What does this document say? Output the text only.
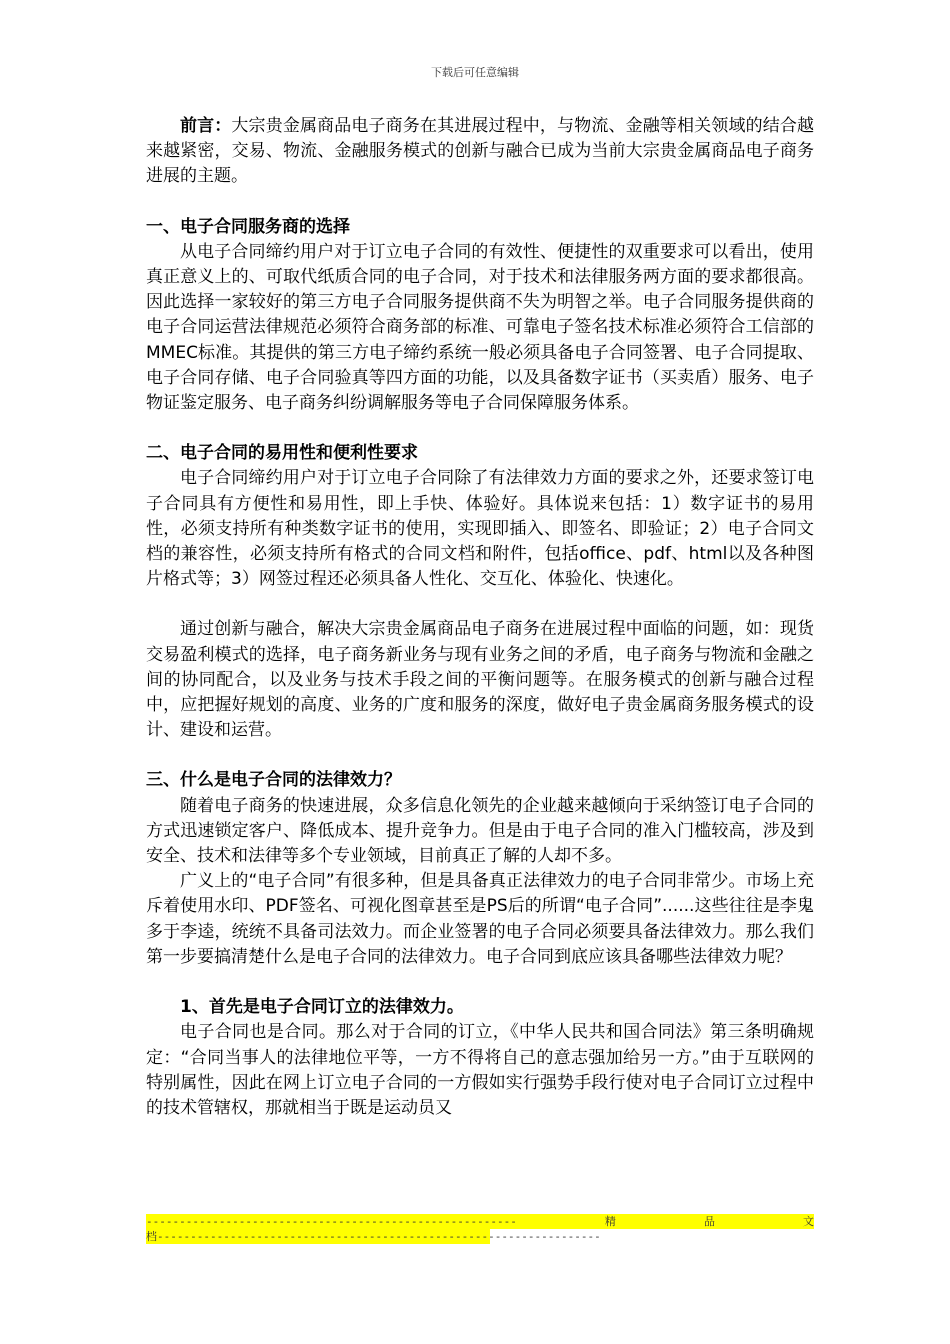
下载后可任意编辑

前言：大宗贵金属商品电子商务在其进展过程中，与物流、金融等相关领域的结合越来越紧密，交易、物流、金融服务模式的创新与融合已成为当前大宗贵金属商品电子商务进展的主题。

一、电子合同服务商的选择

从电子合同缔约用户对于订立电子合同的有效性、便捷性的双重要求可以看出，使用真正意义上的、可取代纸质合同的电子合同，对于技术和法律服务两方面的要求都很高。因此选择一家较好的第三方电子合同服务提供商不失为明智之举。电子合同服务提供商的电子合同运营法律规范必须符合商务部的标准、可靠电子签名技术标准必须符合工信部的MMEC标准。其提供的第三方电子缔约系统一般必须具备电子合同签署、电子合同提取、电子合同存储、电子合同验真等四方面的功能，以及具备数字证书（买卖盾）服务、电子物证鉴定服务、电子商务纠纷调解服务等电子合同保障服务体系。

二、电子合同的易用性和便利性要求

电子合同缔约用户对于订立电子合同除了有法律效力方面的要求之外，还要求签订电子合同具有方便性和易用性，即上手快、体验好。具体说来包括：1）数字证书的易用性，必须支持所有种类数字证书的使用，实现即插入、即签名、即验证；2）电子合同文档的兼容性，必须支持所有格式的合同文档和附件，包括office、pdf、html以及各种图片格式等；3）网签过程还必须具备人性化、交互化、体验化、快速化。

通过创新与融合，解决大宗贵金属商品电子商务在进展过程中面临的问题，如：现货交易盈利模式的选择，电子商务新业务与现有业务之间的矛盾，电子商务与物流和金融之间的协同配合，以及业务与技术手段之间的平衡问题等。在服务模式的创新与融合过程中，应把握好规划的高度、业务的广度和服务的深度，做好电子贵金属商务服务模式的设计、建设和运营。

三、什么是电子合同的法律效力？

随着电子商务的快速进展，众多信息化领先的企业越来越倾向于采纳签订电子合同的方式迅速锁定客户、降低成本、提升竞争力。但是由于电子合同的准入门槛较高，涉及到安全、技术和法律等多个专业领域，目前真正了解的人却不多。

广义上的“电子合同”有很多种，但是具备真正法律效力的电子合同非常少。市场上充斥着使用水印、PDF签名、可视化图章甚至是PS后的所谓“电子合同”......这些往往是李鬼多于李逵，统统不具备司法效力。而企业签署的电子合同必须要具备法律效力。那么我们第一步要搞清楚什么是电子合同的法律效力。电子合同到底应该具备哪些法律效力呢？

1、首先是电子合同订立的法律效力。

电子合同也是合同。那么对于合同的订立，《中华人民共和国合同法》第三条明确规定：“合同当事人的法律地位平等，一方不得将自己的意志强加给另一方。”由于互联网的特别属性，因此在网上订立电子合同的一方假如实行强势手段行使对电子合同订立过程中的技术管辖权，那就相当于既是运动员又

--------------------------------------------------------	精	品	文
档-------------------------------------------------------------------
